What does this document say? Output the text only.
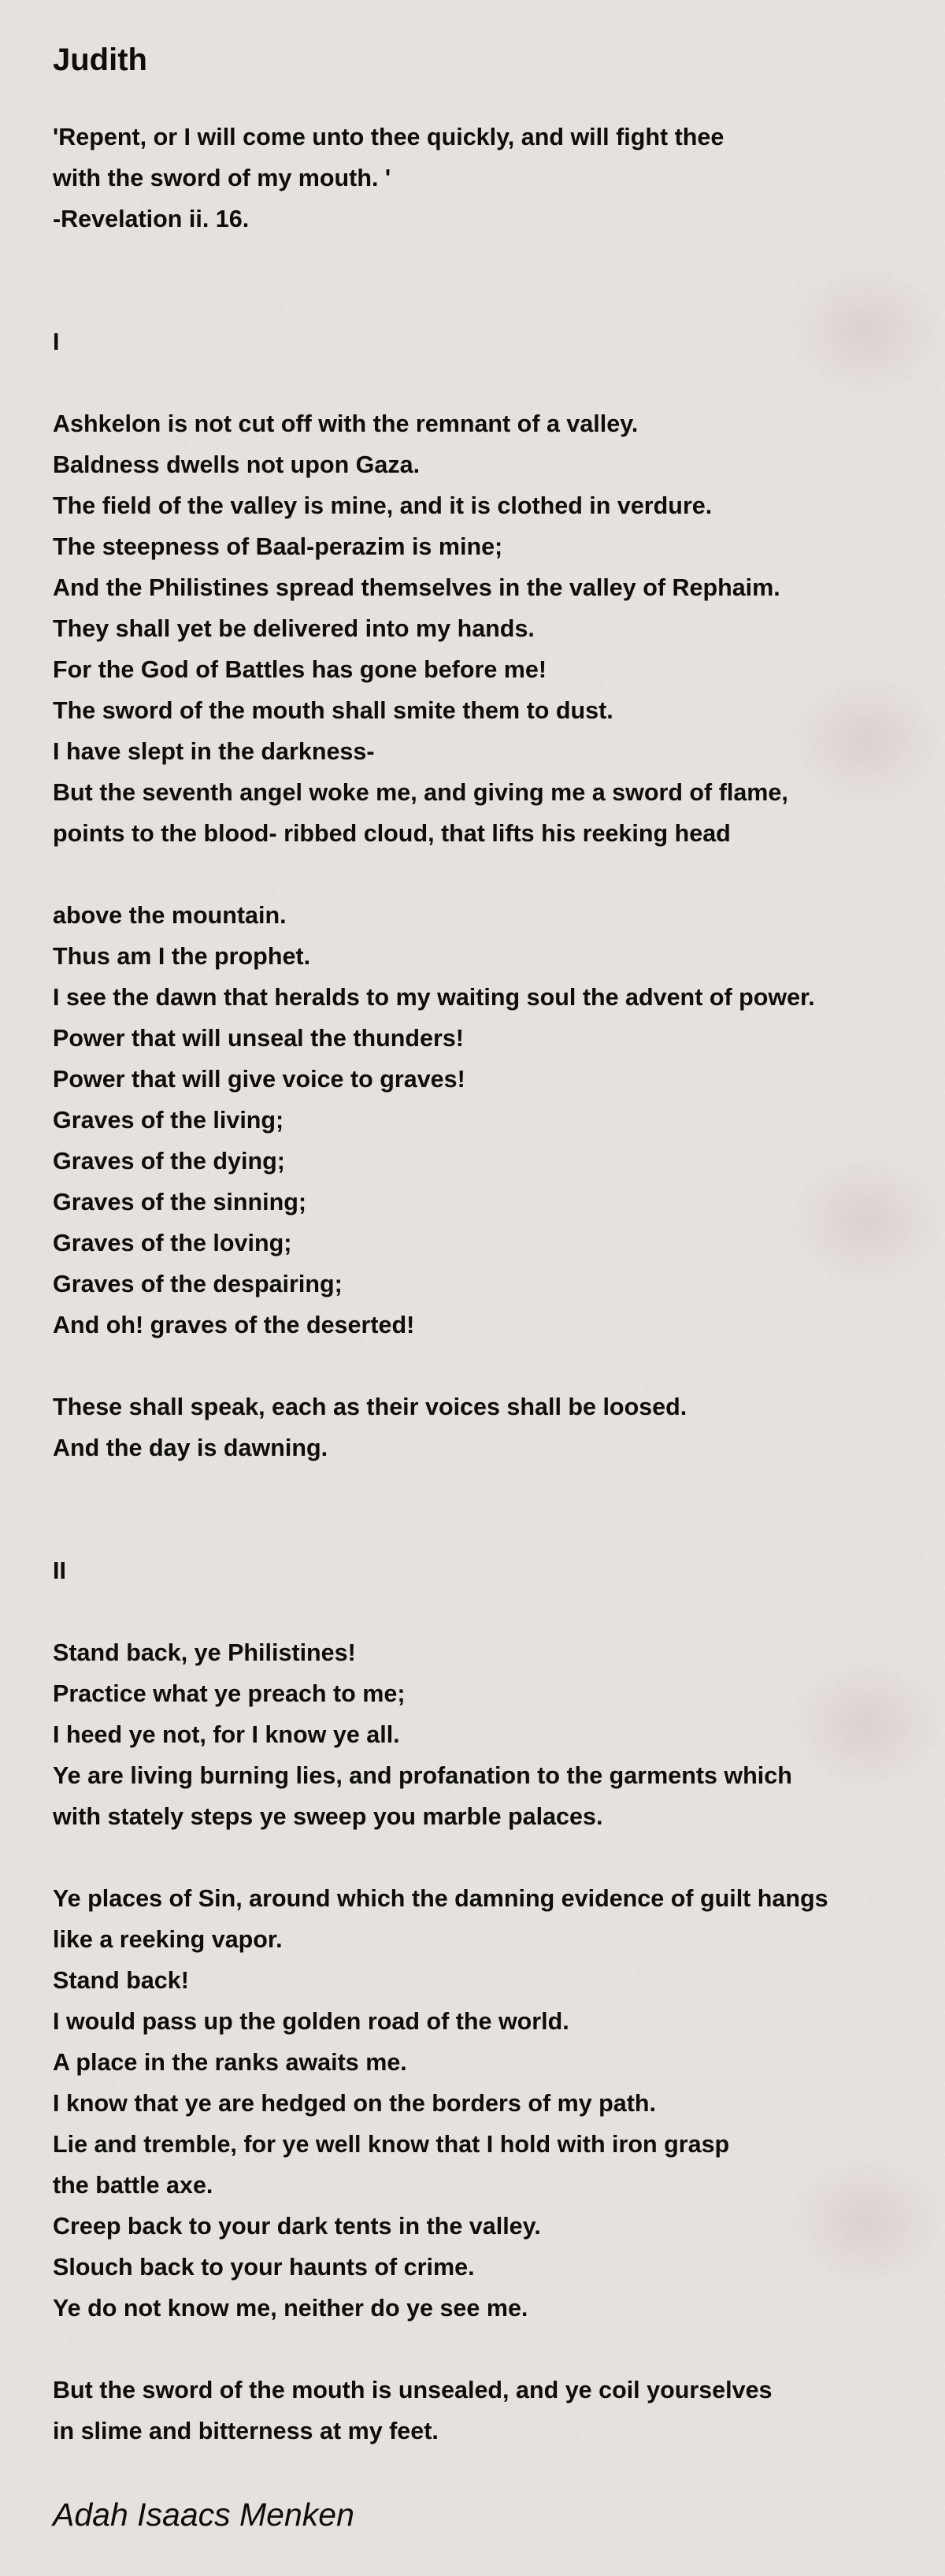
Judith
'Repent, or I will come unto thee quickly, and will fight thee
with the sword of my mouth. '
-Revelation ii. 16.
I
Ashkelon is not cut off with the remnant of a valley.
Baldness dwells not upon Gaza.
The field of the valley is mine, and it is clothed in verdure.
The steepness of Baal-perazim is mine;
And the Philistines spread themselves in the valley of Rephaim.
They shall yet be delivered into my hands.
For the God of Battles has gone before me!
The sword of the mouth shall smite them to dust.
I have slept in the darkness-
But the seventh angel woke me, and giving me a sword of flame,
points to the blood- ribbed cloud, that lifts his reeking head
above the mountain.
Thus am I the prophet.
I see the dawn that heralds to my waiting soul the advent of power.
Power that will unseal the thunders!
Power that will give voice to graves!
Graves of the living;
Graves of the dying;
Graves of the sinning;
Graves of the loving;
Graves of the despairing;
And oh! graves of the deserted!
These shall speak, each as their voices shall be loosed.
And the day is dawning.
II
Stand back, ye Philistines!
Practice what ye preach to me;
I heed ye not, for I know ye all.
Ye are living burning lies, and profanation to the garments which
with stately steps ye sweep you marble palaces.
Ye places of Sin, around which the damning evidence of guilt hangs
like a reeking vapor.
Stand back!
I would pass up the golden road of the world.
A place in the ranks awaits me.
I know that ye are hedged on the borders of my path.
Lie and tremble, for ye well know that I hold with iron grasp
the battle axe.
Creep back to your dark tents in the valley.
Slouch back to your haunts of crime.
Ye do not know me, neither do ye see me.
But the sword of the mouth is unsealed, and ye coil yourselves
in slime and bitterness at my feet.

Adah Isaacs Menken
